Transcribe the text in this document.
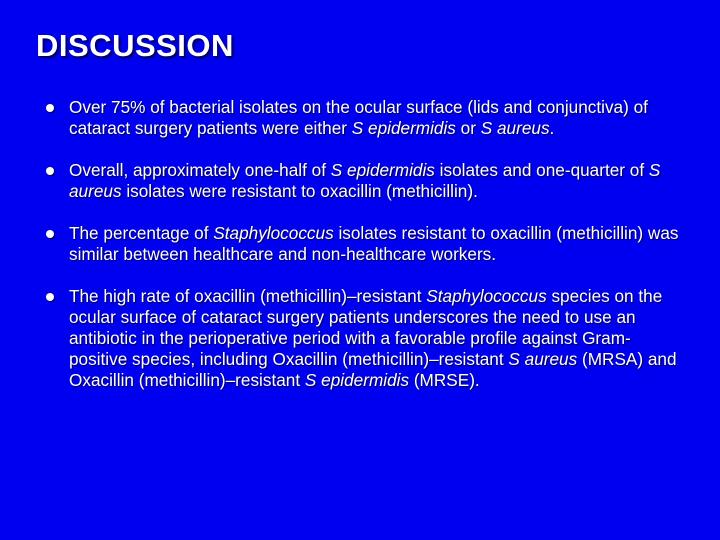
DISCUSSION
Over 75% of bacterial isolates on the ocular surface (lids and conjunctiva) of cataract surgery patients were either S epidermidis or S aureus.
Overall, approximately one-half of S epidermidis isolates and one-quarter of S aureus isolates were resistant to oxacillin (methicillin).
The percentage of Staphylococcus isolates resistant to oxacillin (methicillin) was similar between healthcare and non-healthcare workers.
The high rate of oxacillin (methicillin)–resistant Staphylococcus species on the ocular surface of cataract surgery patients underscores the need to use an antibiotic in the perioperative period with a favorable profile against Gram-positive species, including Oxacillin (methicillin)–resistant S aureus (MRSA) and Oxacillin (methicillin)–resistant S epidermidis (MRSE).
